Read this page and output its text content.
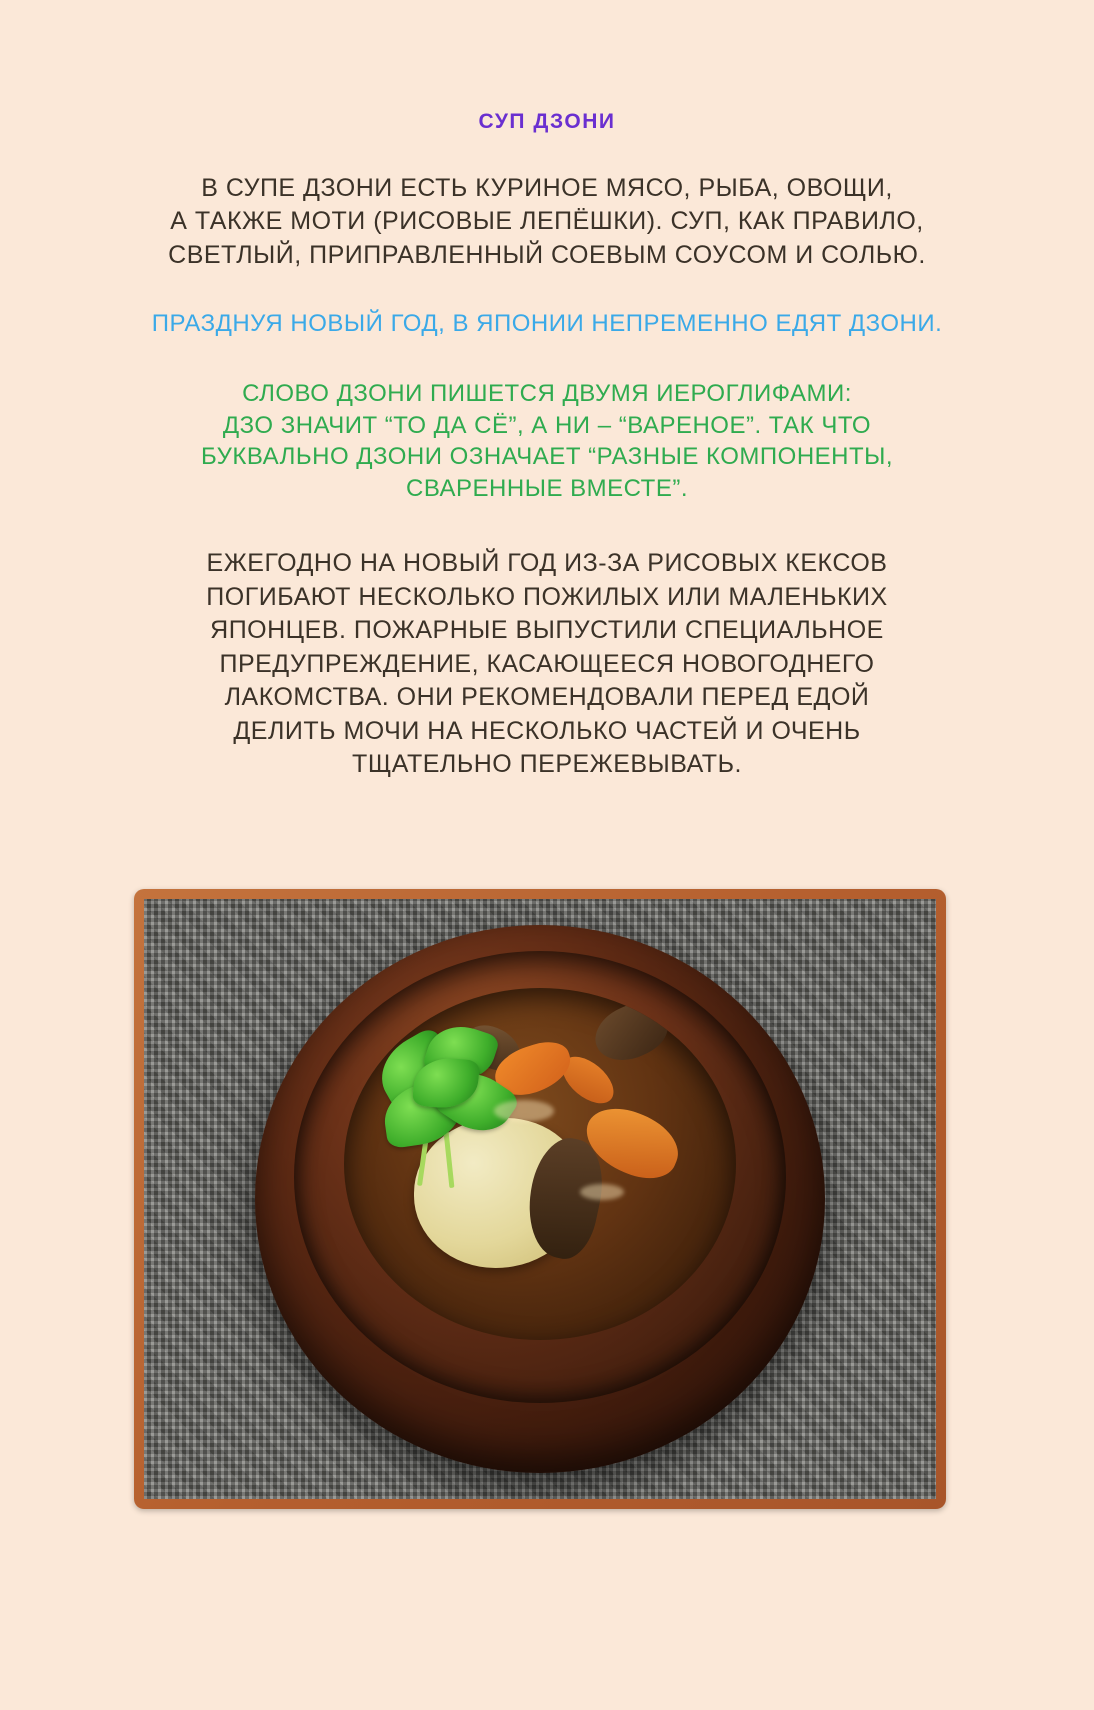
СУП ДЗОНИ
В СУПЕ ДЗОНИ ЕСТЬ КУРИНОЕ МЯСО, РЫБА, ОВОЩИ,
А ТАКЖЕ МОТИ (РИСОВЫЕ ЛЕПЁШКИ). СУП, КАК ПРАВИЛО,
СВЕТЛЫЙ, ПРИПРАВЛЕННЫЙ СОЕВЫМ СОУСОМ И СОЛЬЮ.
ПРАЗДНУЯ НОВЫЙ ГОД, В ЯПОНИИ НЕПРЕМЕННО ЕДЯТ ДЗОНИ.
СЛОВО ДЗОНИ ПИШЕТСЯ ДВУМЯ ИЕРОГЛИФАМИ:
ДЗО ЗНАЧИТ “ТО ДА СЁ”, А НИ – “ВАРЕНОЕ”. ТАК ЧТО
БУКВАЛЬНО ДЗОНИ ОЗНАЧАЕТ “РАЗНЫЕ КОМПОНЕНТЫ,
СВАРЕННЫЕ ВМЕСТЕ”.
ЕЖЕГОДНО НА НОВЫЙ ГОД ИЗ-ЗА РИСОВЫХ КЕКСОВ
ПОГИБАЮТ НЕСКОЛЬКО ПОЖИЛЫХ ИЛИ МАЛЕНЬКИХ
ЯПОНЦЕВ. ПОЖАРНЫЕ ВЫПУСТИЛИ СПЕЦИАЛЬНОЕ
ПРЕДУПРЕЖДЕНИЕ, КАСАЮЩЕЕСЯ НОВОГОДНЕГО
ЛАКОМСТВА. ОНИ РЕКОМЕНДОВАЛИ ПЕРЕД ЕДОЙ
ДЕЛИТЬ МОЧИ НА НЕСКОЛЬКО ЧАСТЕЙ И ОЧЕНЬ
ТЩАТЕЛЬНО ПЕРЕЖЕВЫВАТЬ.
